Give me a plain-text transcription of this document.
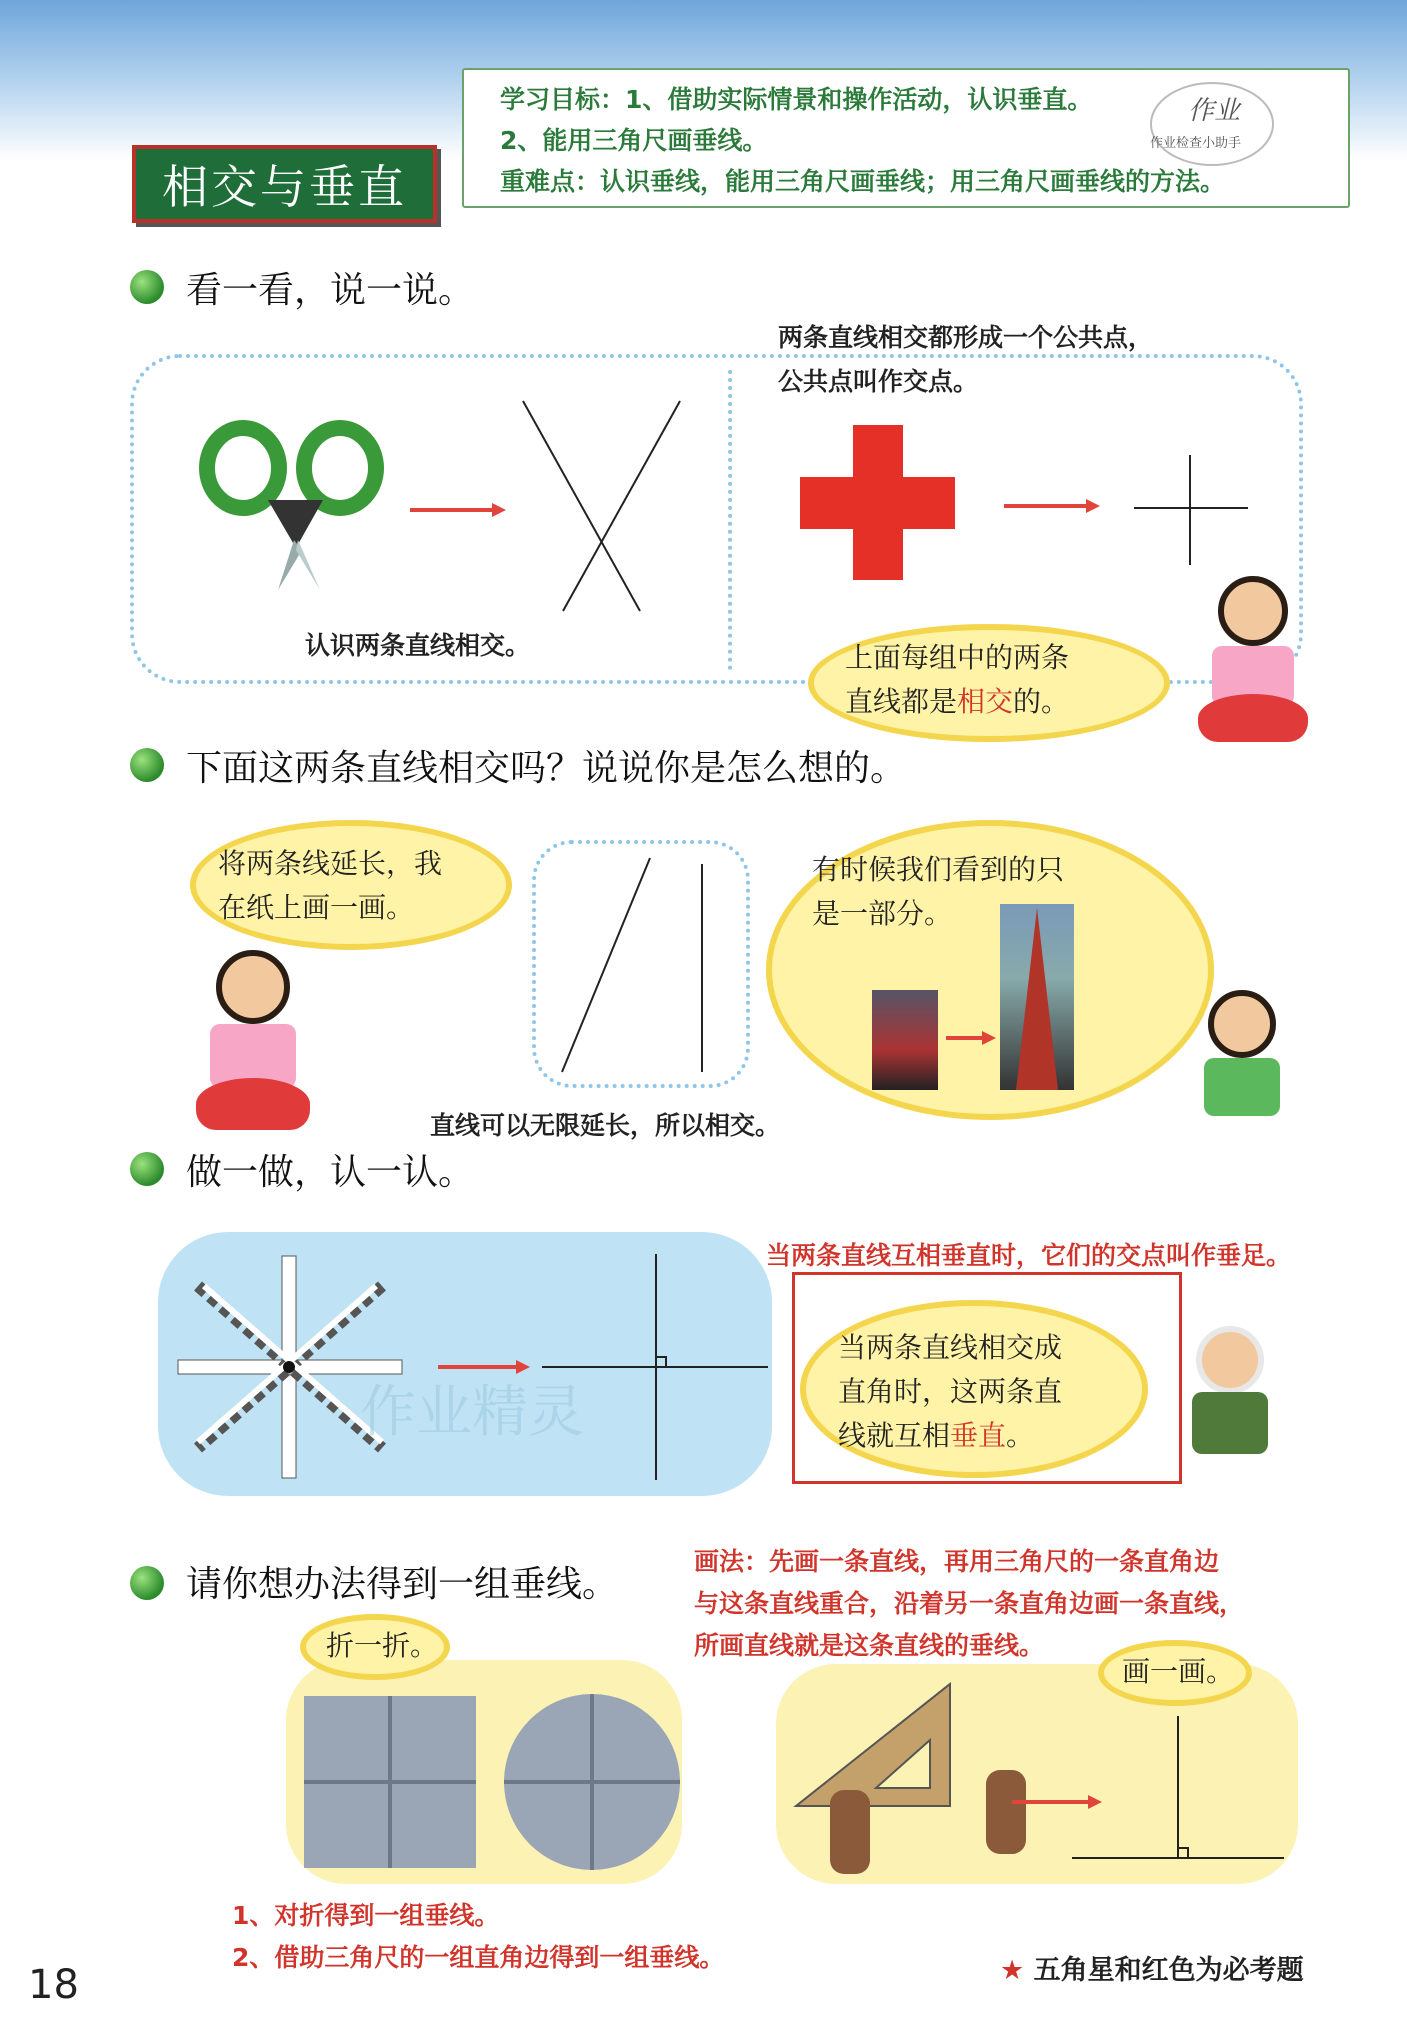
学习目标：1、借助实际情景和操作活动，认识垂直。
2、能用三角尺画垂线。
重难点：认识垂线，能用三角尺画垂线；用三角尺画垂线的方法。
作业
作业检查小助手
相交与垂直
看一看，说一说。
两条直线相交都形成一个公共点，
公共点叫作交点。
认识两条直线相交。	上面每组中的两条
直线都是相交的。
下面这两条直线相交吗？说说你是怎么想的。
将两条线延长，我
在纸上画一画。
直线可以无限延长，所以相交。
有时候我们看到的只
是一部分。
做一做，认一认。
当两条直线互相垂直时，它们的交点叫作垂足。
作业精灵
当两条直线相交成
直角时，这两条直
线就互相垂直。
请你想办法得到一组垂线。
画法：先画一条直线，再用三角尺的一条直角边
与这条直线重合，沿着另一条直角边画一条直线，
所画直线就是这条直线的垂线。
折一折。
画一画。
1、对折得到一组垂线。
2、借助三角尺的一组直角边得到一组垂线。
18	★ 五角星和红色为必考题
